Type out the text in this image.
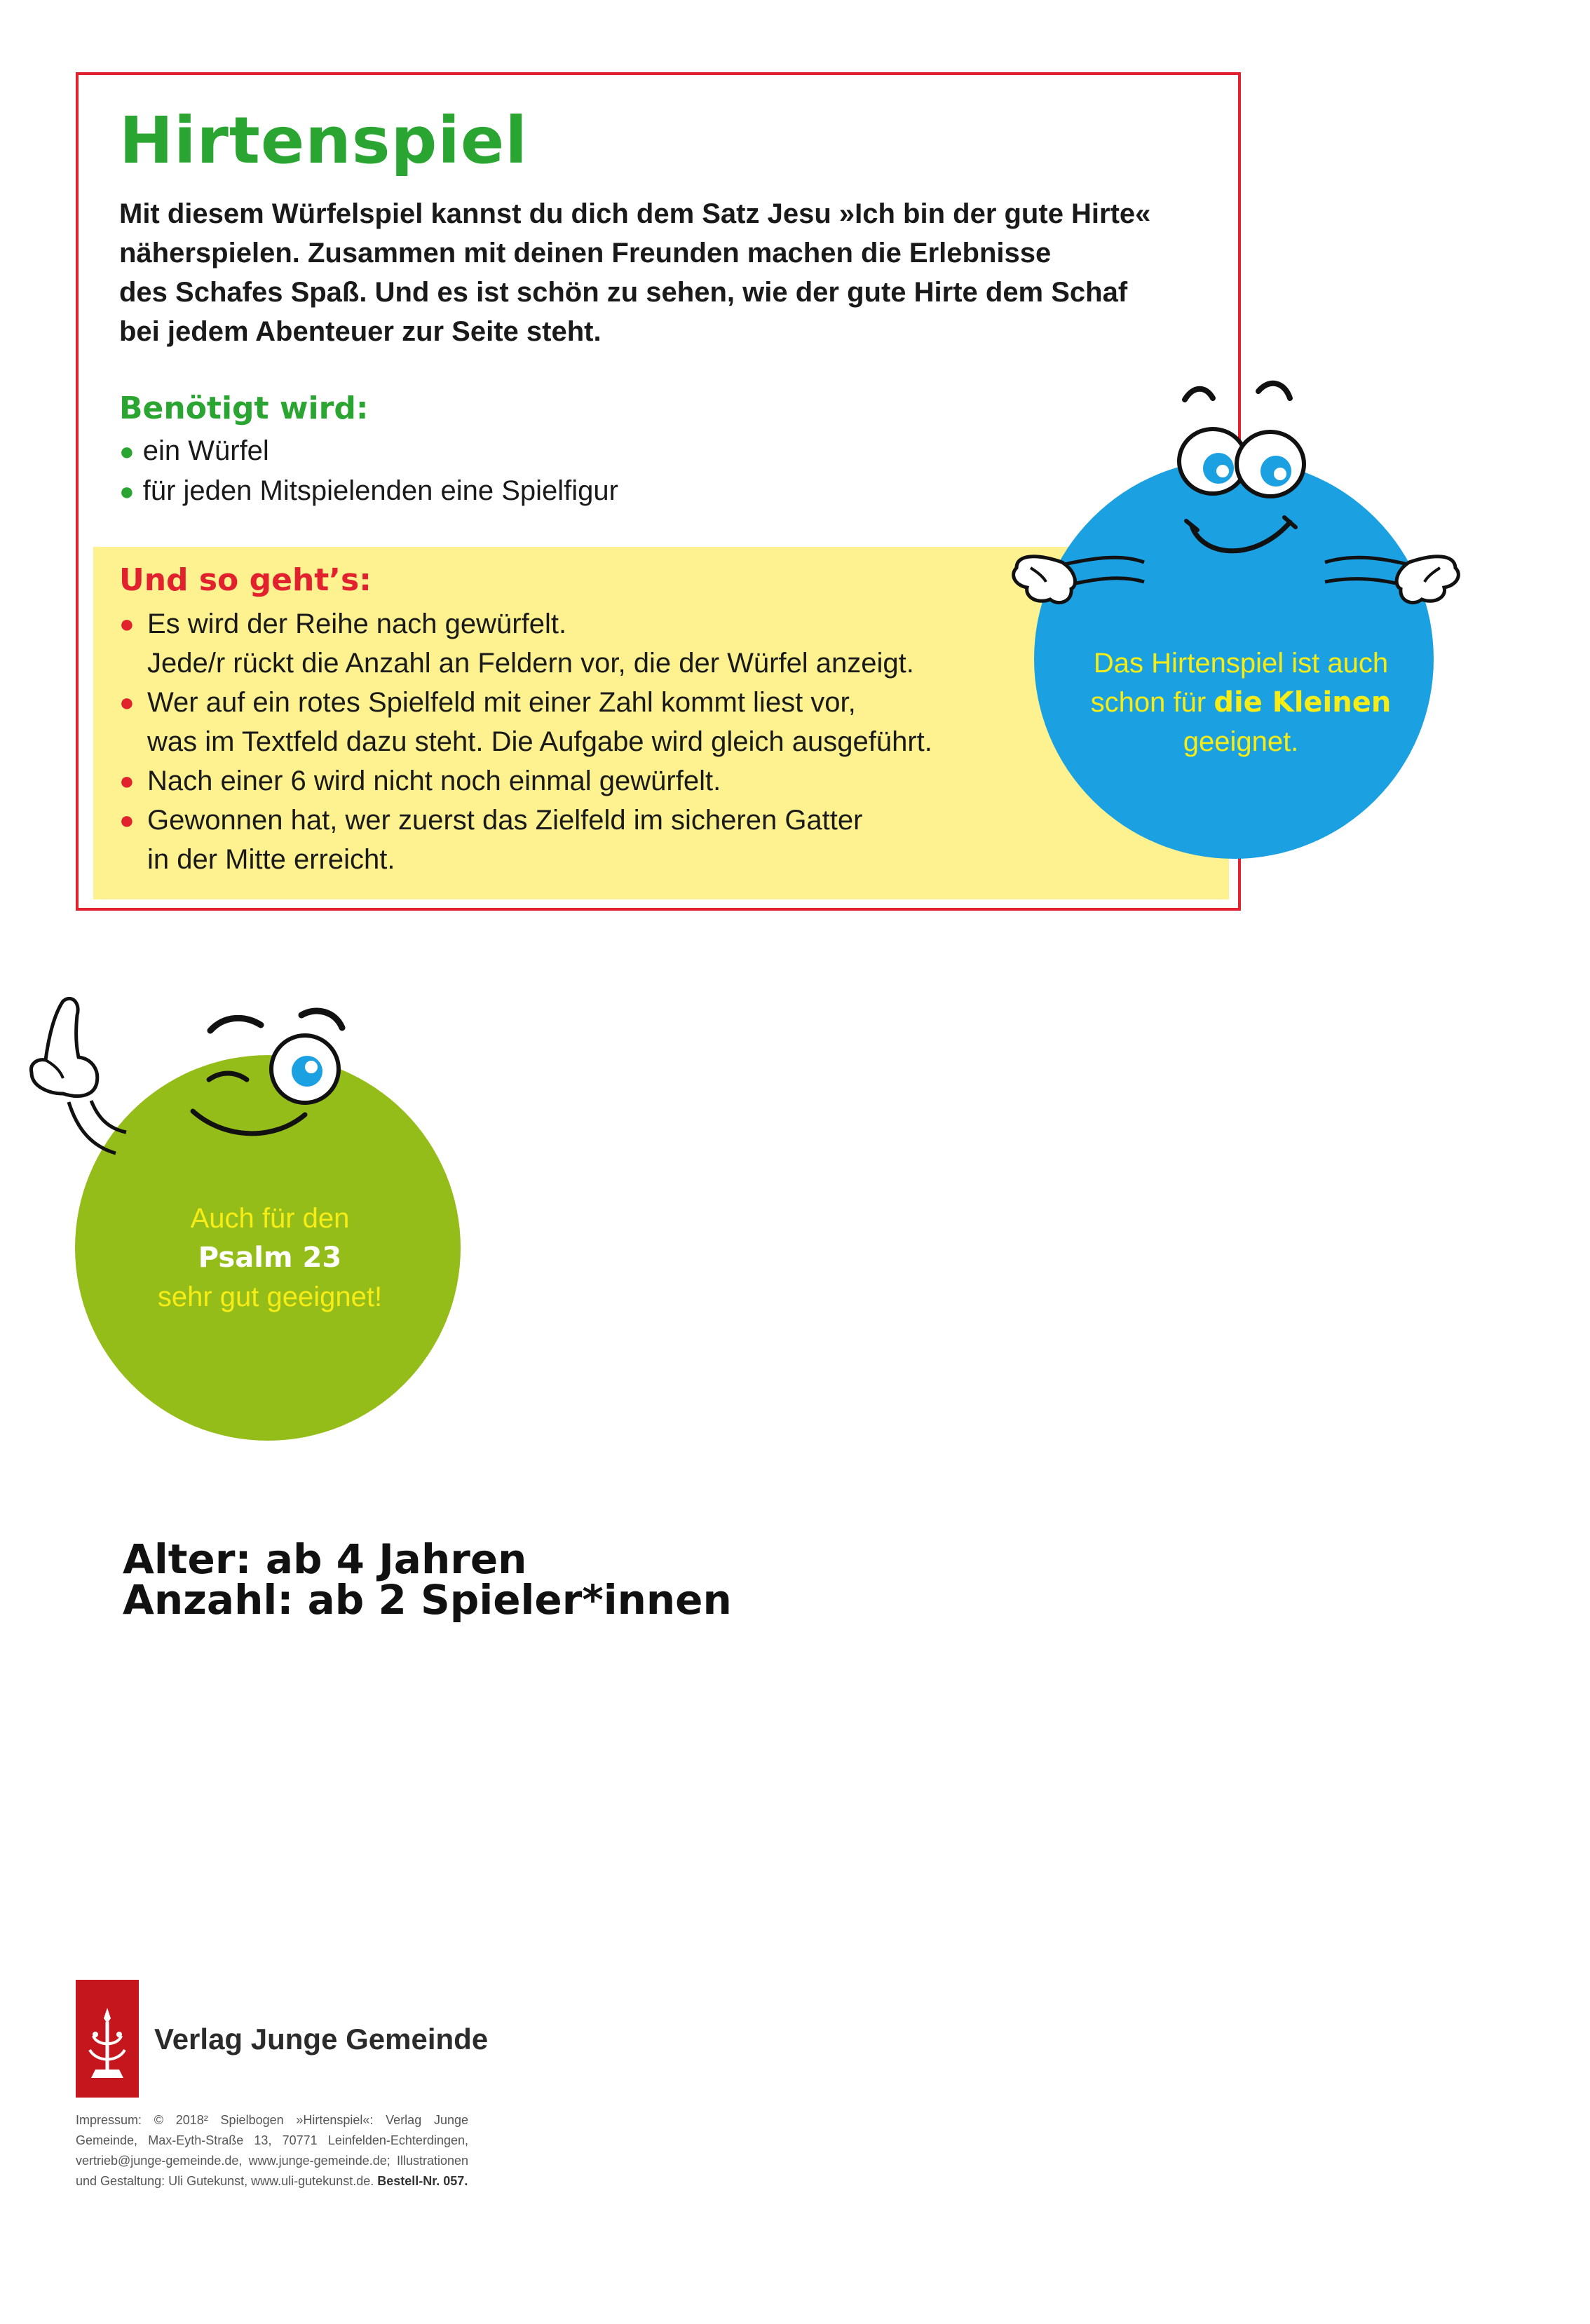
Hirtenspiel
Mit diesem Würfelspiel kannst du dich dem Satz Jesu »Ich bin der gute Hirte«
näherspielen. Zusammen mit deinen Freunden machen die Erlebnisse
des Schafes Spaß. Und es ist schön zu sehen, wie der gute Hirte dem Schaf
bei jedem Abenteuer zur Seite steht.
Benötigt wird:
● ein Würfel
● für jeden Mitspielenden eine Spielfigur
Und so geht’s:
● Es wird der Reihe nach gewürfelt.
Jede/r rückt die Anzahl an Feldern vor, die der Würfel anzeigt.
● Wer auf ein rotes Spielfeld mit einer Zahl kommt liest vor,
was im Textfeld dazu steht. Die Aufgabe wird gleich ausgeführt.
● Nach einer 6 wird nicht noch einmal gewürfelt.
● Gewonnen hat, wer zuerst das Zielfeld im sicheren Gatter
in der Mitte erreicht.
Das Hirtenspiel ist auch
schon für die Kleinen
geeignet.
Auch für den
Psalm 23
sehr gut geeignet!
Alter: ab 4 Jahren
Anzahl: ab 2 Spieler*innen
Verlag Junge Gemeinde
Impressum: © 2018² Spielbogen »Hirtenspiel«: Verlag Junge Gemeinde, Max-Eyth-Straße 13, 70771 Leinfelden-Echterdingen, vertrieb@junge-gemeinde.de, www.junge-gemeinde.de; Illustrationen und Gestaltung: Uli Gutekunst, www.uli-gutekunst.de. Bestell-Nr. 057.
